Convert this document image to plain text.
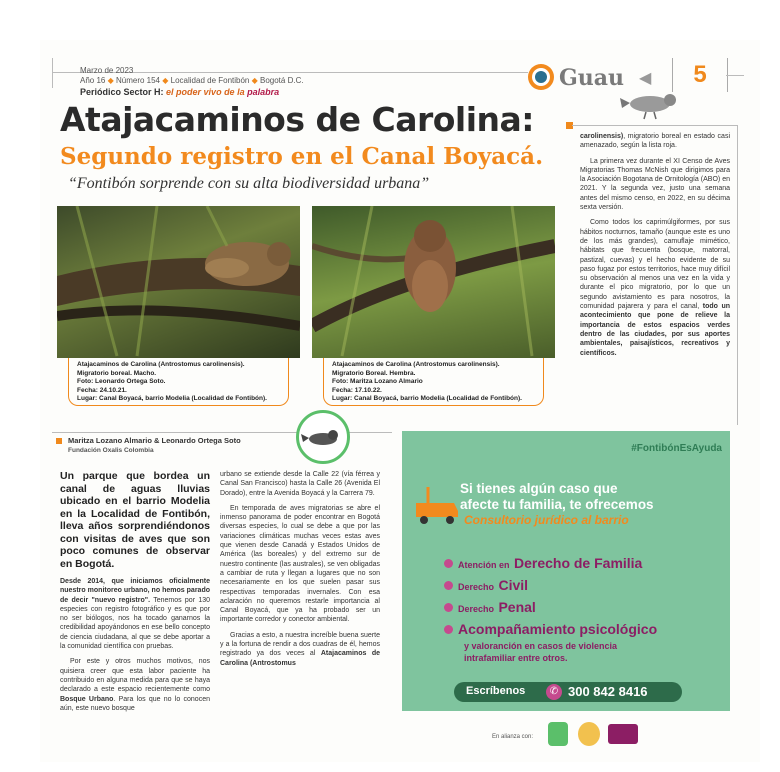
Marzo de 2023
Año 16 ◆ Número 154 ◆ Localidad de Fontibón ◆ Bogotá D.C.
Periódico Sector H: el poder vivo de la palabra
Guau ◀	5
Atajacaminos de Carolina:
Segundo registro en el Canal Boyacá.
“Fontibón sorprende con su alta biodiversidad urbana”
Atajacaminos de Carolina (Antrostomus carolinensis).
Migratorio boreal. Macho.
Foto: Leonardo Ortega Soto.
Fecha: 24.10.21.
Lugar: Canal Boyacá, barrio Modelia (Localidad de Fontibón).
Atajacaminos de Carolina (Antrostomus carolinensis).
Migratorio Boreal. Hembra.
Foto: Maritza Lozano Almario
Fecha: 17.10.22.
Lugar: Canal Boyacá, barrio Modelia (Localidad de Fontibón).
Maritza Lozano Almario & Leonardo Ortega Soto
Fundación Oxalis Colombia
Un parque que bordea un canal de aguas lluvias ubicado en el barrio Modelia en la Localidad de Fontibón, lleva años sorprendiéndonos con visitas de aves que son poco comunes de observar en Bogotá.

Desde 2014, que iniciamos oficialmente nuestro monitoreo urbano, no hemos parado de decir "nuevo registro". Tenemos por 130 especies con registro fotográfico y es que por no ser biólogos, nos ha tocado ganarnos la credibilidad apoyándonos en ese bello concepto de ciencia ciudadana, al que se debe aportar a la comunidad científica con pruebas.

Por este y otros muchos motivos, nos quisiera creer que esta labor paciente ha contribuido en alguna medida para que se haya declarado a este espacio recientemente como Bosque Urbano. Para los que no lo conocen aún, este nuevo bosque

urbano se extiende desde la Calle 22 (vía férrea y Canal San Francisco) hasta la Calle 26 (Avenida El Dorado), entre la Avenida Boyacá y la Carrera 79.

En temporada de aves migratorias se abre el inmenso panorama de poder encontrar en Bogotá diversas especies, lo cual se debe a que por las variaciones climáticas muchas veces estas aves que vienen desde Canadá y Estados Unidos de América (las boreales) y del extremo sur de nuestro continente (las australes), se ven obligadas a cambiar de ruta y llegan a lugares que no son necesariamente en los que suelen pasar sus respectivas temporadas invernales. Con esa aclaración no queremos restarle importancia al Canal Boyacá, que ya ha probado ser un importante corredor y conector ambiental.

Gracias a esto, a nuestra increíble buena suerte y a la fortuna de rendir a dos cuadras de él, hemos registrado ya dos veces al Atajacaminos de Carolina (Antrostomus

carolinensis), migratorio boreal en estado casi amenazado, según la lista roja.

La primera vez durante el XI Censo de Aves Migratorias Thomas McNish que dirigimos para la Asociación Bogotana de Ornitología (ABO) en 2021. Y la segunda vez, justo una semana antes del mismo censo, en 2022, en su décima sexta versión.

Como todos los caprimúlgiformes, por sus hábitos nocturnos, tamaño (aunque este es uno de los más grandes), camuflaje mimético, hábitats que frecuenta (bosque, matorral, pastizal, cuevas) y el hecho evidente de su paso fugaz por estos territorios, hace muy difícil su observación al menos una vez en la vida y durante el pico migratorio, por lo que un segundo avistamiento es para nosotros, la comunidad pajarera y para el canal, todo un acontecimiento que pone de relieve la importancia de estos espacios verdes dentro de las ciudades, por sus aportes ambientales, paisajísticos, recreativos y científicos.

#FontibónEsAyuda
Si tienes algún caso que
afecte tu familia, te ofrecemos
Consultorio jurídico al barrio
Atención en Derecho de Familia
Derecho Civil
Derecho Penal
Acompañamiento psicológico
y valoranción en casos de violencia
intrafamiliar entre otros.
Escríbenos	✆ 300 842 8416
En alianza con:
